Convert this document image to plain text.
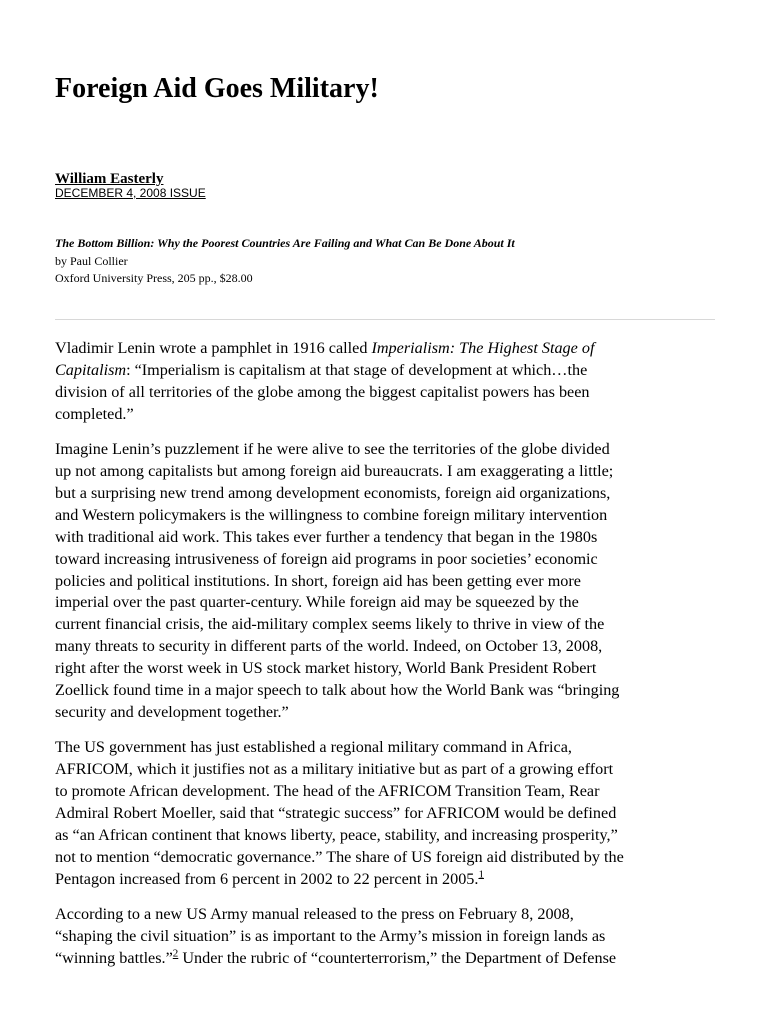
Foreign Aid Goes Military!
William Easterly
DECEMBER 4, 2008 ISSUE
The Bottom Billion: Why the Poorest Countries Are Failing and What Can Be Done About It
by Paul Collier
Oxford University Press, 205 pp., $28.00

Vladimir Lenin wrote a pamphlet in 1916 called Imperialism: The Highest Stage of
Capitalism: “Imperialism is capitalism at that stage of development at which…the
division of all territories of the globe among the biggest capitalist powers has been
completed.”

Imagine Lenin’s puzzlement if he were alive to see the territories of the globe divided
up not among capitalists but among foreign aid bureaucrats. I am exaggerating a little;
but a surprising new trend among development economists, foreign aid organizations,
and Western policymakers is the willingness to combine foreign military intervention
with traditional aid work. This takes ever further a tendency that began in the 1980s
toward increasing intrusiveness of foreign aid programs in poor societies’ economic
policies and political institutions. In short, foreign aid has been getting ever more
imperial over the past quarter-century. While foreign aid may be squeezed by the
current financial crisis, the aid-military complex seems likely to thrive in view of the
many threats to security in different parts of the world. Indeed, on October 13, 2008,
right after the worst week in US stock market history, World Bank President Robert
Zoellick found time in a major speech to talk about how the World Bank was “bringing
security and development together.”

The US government has just established a regional military command in Africa,
AFRICOM, which it justifies not as a military initiative but as part of a growing effort
to promote African development. The head of the AFRICOM Transition Team, Rear
Admiral Robert Moeller, said that “strategic success” for AFRICOM would be defined
as “an African continent that knows liberty, peace, stability, and increasing prosperity,”
not to mention “democratic governance.” The share of US foreign aid distributed by the
Pentagon increased from 6 percent in 2002 to 22 percent in 2005.$^1$

According to a new US Army manual released to the press on February 8, 2008,
“shaping the civil situation” is as important to the Army’s mission in foreign lands as
“winning battles.”$^2$ Under the rubric of “counterterrorism,” the Department of Defense
